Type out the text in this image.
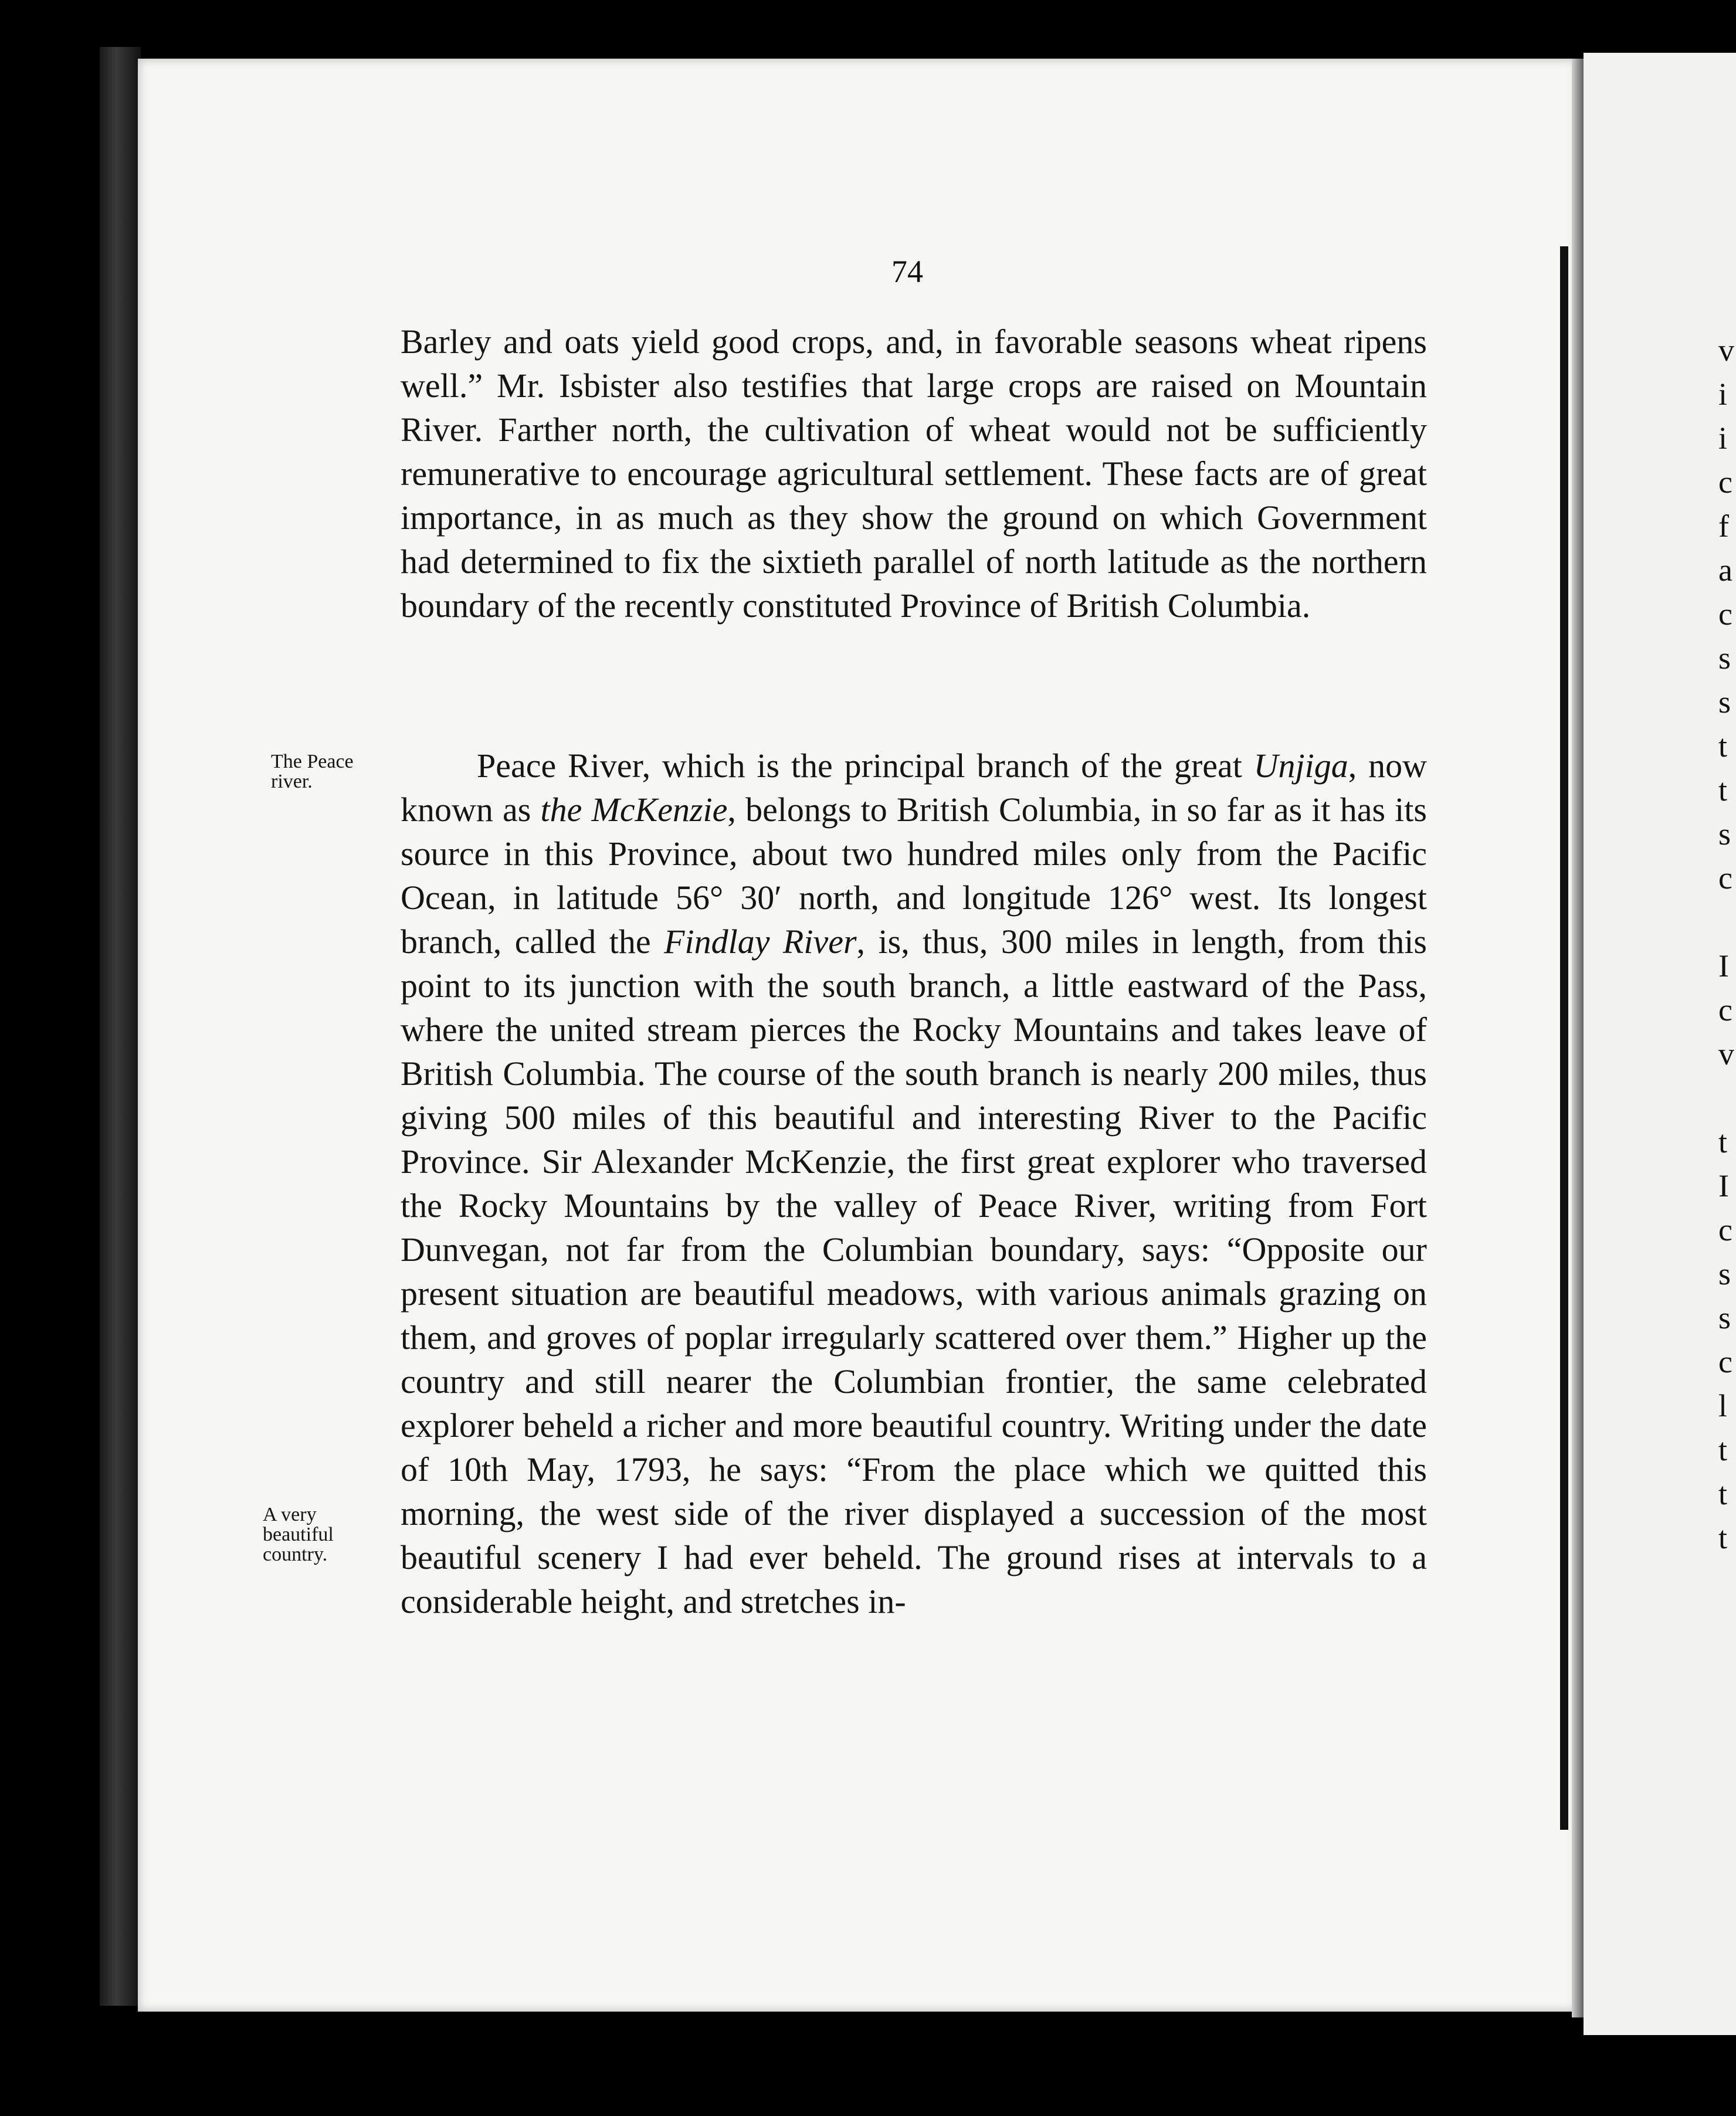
v
i
i
c
f
a
c
s
s
t
t
s
c

I
c
v

t
I
c
s
s
c
l
t
t
t
74
Barley and oats yield good crops, and, in favorable seasons wheat ripens well.” Mr. Isbister also testifies that large crops are raised on Mountain River. Farther north, the cultivation of wheat would not be sufficiently remunerative to encourage agricultural settlement. These facts are of great importance, in as much as they show the ground on which Government had determined to fix the sixtieth parallel of north latitude as the northern boundary of the recently constituted Province of British Columbia.
The Peace river.	Peace River, which is the principal branch of the great Unjiga, now known as the McKenzie, belongs to British Columbia, in so far as it has its source in this Province, about two hundred miles only from the Pacific Ocean, in latitude 56° 30′ north, and longitude 126° west. Its longest branch, called the Findlay River, is, thus, 300 miles in length, from this point to its junction with the south branch, a little eastward of the Pass, where the united stream pierces the Rocky Mountains and takes leave of British Columbia. The course of the south branch is nearly 200 miles, thus giving 500 miles of this beautiful and interesting River to the Pacific Province. Sir Alexander McKenzie, the first great explorer who traversed the Rocky Mountains by the valley of Peace River, writing from Fort Dunvegan, not far from the Columbian boundary, says: “Opposite our present situation are beautiful meadows, with various animals grazing on them, and groves of poplar irregularly scattered over them.” Higher up the country and still nearer the Columbian frontier, the same celebrated explorer beheld a richer and more beautiful country. Writing under the date of 10th May, 1793, he says: “From the place which we quitted this morning, the west side of the river displayed a succession of the most beautiful scenery I had ever beheld. The ground rises at intervals to a considerable height, and stretches in-
A very beautiful country.
